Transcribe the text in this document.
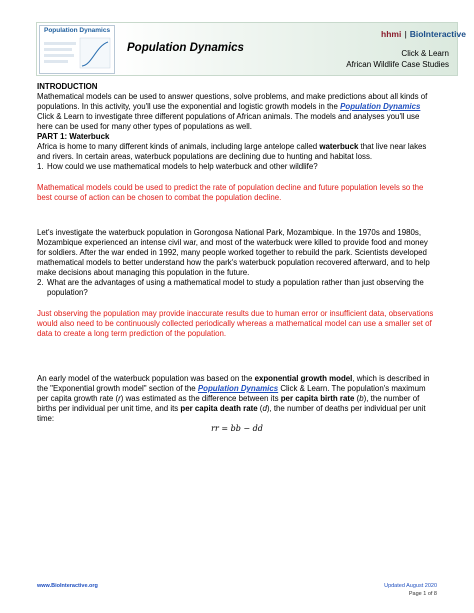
Population Dynamics
Population Dynamics
hhmi | BioInteractive
Click & Learn
African Wildlife Case Studies

INTRODUCTION

Mathematical models can be used to answer questions, solve problems, and make predictions about all kinds of populations. In this activity, you'll use the exponential and logistic growth models in the Population Dynamics Click & Learn to investigate three different populations of African animals. The models and analyses you'll use here can be used for many other types of populations as well.

PART 1: Waterbuck

Africa is home to many different kinds of animals, including large antelope called waterbuck that live near lakes and rivers. In certain areas, waterbuck populations are declining due to hunting and habitat loss.

1. How could we use mathematical models to help waterbuck and other wildlife?

Mathematical models could be used to predict the rate of population decline and future population levels so the best course of action can be chosen to combat the population decline.

Let's investigate the waterbuck population in Gorongosa National Park, Mozambique. In the 1970s and 1980s, Mozambique experienced an intense civil war, and most of the waterbuck were killed to provide food and money for soldiers. After the war ended in 1992, many people worked together to rebuild the park. Scientists developed mathematical models to better understand how the park's waterbuck population recovered afterward, and to help make decisions about managing this population in the future.

2. What are the advantages of using a mathematical model to study a population rather than just observing the population?

Just observing the population may provide inaccurate results due to human error or insufficient data, observations would also need to be continuously collected periodically whereas a mathematical model can use a smaller set of data to create a long term prediction of the population.

An early model of the waterbuck population was based on the exponential growth model, which is described in the "Exponential growth model" section of the Population Dynamics Click & Learn. The population's maximum per capita growth rate (r) was estimated as the difference between its per capita birth rate (b), the number of births per individual per unit time, and its per capita death rate (d), the number of deaths per individual per unit time:

rr = bb − dd

www.BioInteractive.org	Updated August 2020
Page 1 of 8
